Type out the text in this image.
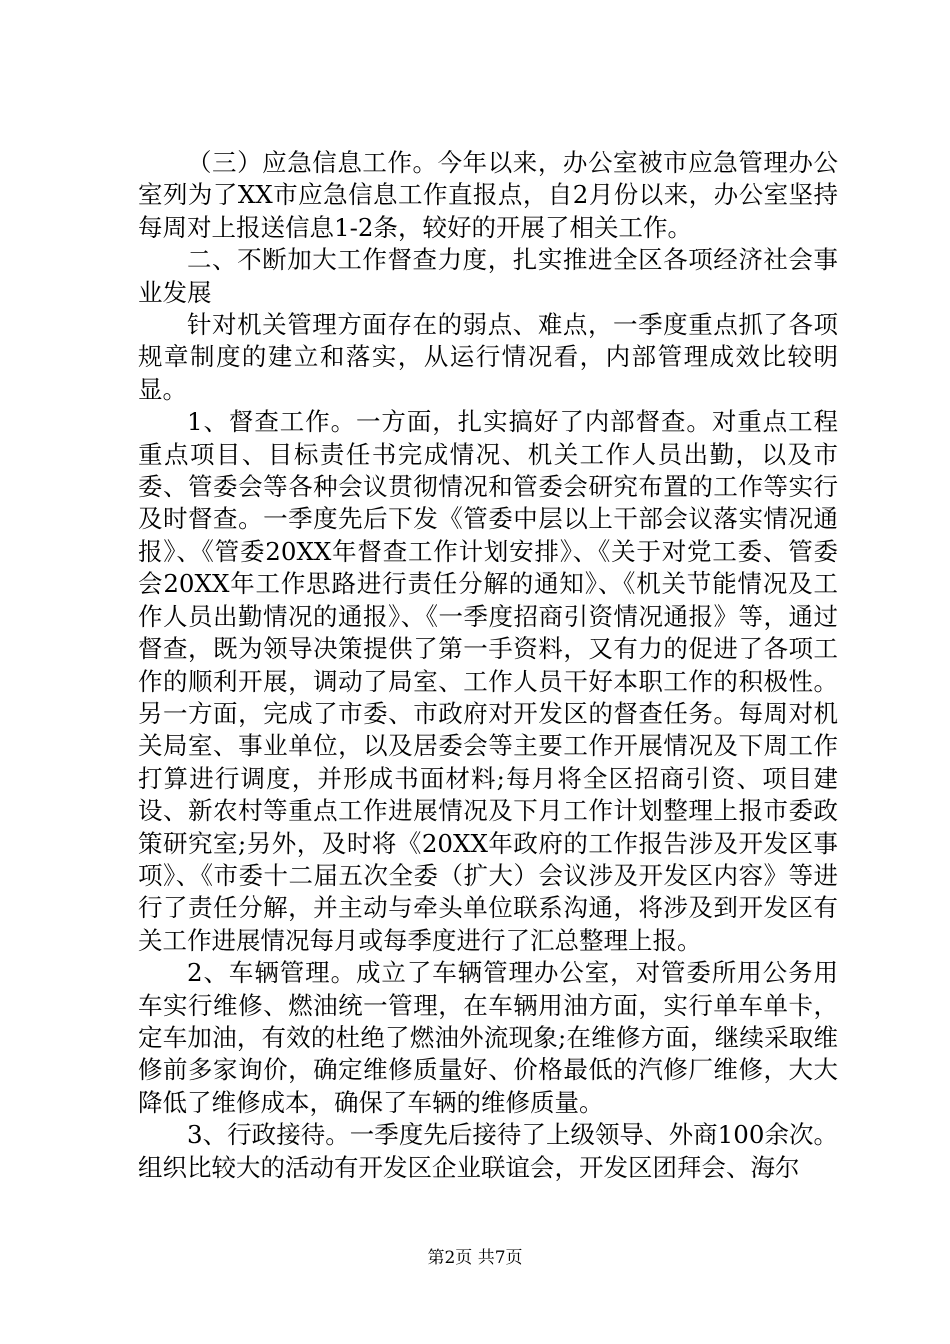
（三）应急信息工作。今年以来，办公室被市应急管理办公室列为了XX市应急信息工作直报点，自2月份以来，办公室坚持每周对上报送信息1-2条，较好的开展了相关工作。

二、不断加大工作督查力度，扎实推进全区各项经济社会事业发展

针对机关管理方面存在的弱点、难点，一季度重点抓了各项规章制度的建立和落实，从运行情况看，内部管理成效比较明显。

1、督查工作。一方面，扎实搞好了内部督查。对重点工程重点项目、目标责任书完成情况、机关工作人员出勤，以及市委、管委会等各种会议贯彻情况和管委会研究布置的工作等实行及时督查。一季度先后下发《管委中层以上干部会议落实情况通报》、《管委20XX年督查工作计划安排》、《关于对党工委、管委会20XX年工作思路进行责任分解的通知》、《机关节能情况及工作人员出勤情况的通报》、《一季度招商引资情况通报》等，通过督查，既为领导决策提供了第一手资料，又有力的促进了各项工作的顺利开展，调动了局室、工作人员干好本职工作的积极性。另一方面，完成了市委、市政府对开发区的督查任务。每周对机关局室、事业单位，以及居委会等主要工作开展情况及下周工作打算进行调度，并形成书面材料;每月将全区招商引资、项目建设、新农村等重点工作进展情况及下月工作计划整理上报市委政策研究室;另外，及时将《20XX年政府的工作报告涉及开发区事项》、《市委十二届五次全委（扩大）会议涉及开发区内容》等进行了责任分解，并主动与牵头单位联系沟通，将涉及到开发区有关工作进展情况每月或每季度进行了汇总整理上报。

2、车辆管理。成立了车辆管理办公室，对管委所用公务用车实行维修、燃油统一管理，在车辆用油方面，实行单车单卡，定车加油，有效的杜绝了燃油外流现象;在维修方面，继续采取维修前多家询价，确定维修质量好、价格最低的汽修厂维修，大大降低了维修成本，确保了车辆的维修质量。

3、行政接待。一季度先后接待了上级领导、外商100余次。组织比较大的活动有开发区企业联谊会，开发区团拜会、海尔

第2页 共7页
